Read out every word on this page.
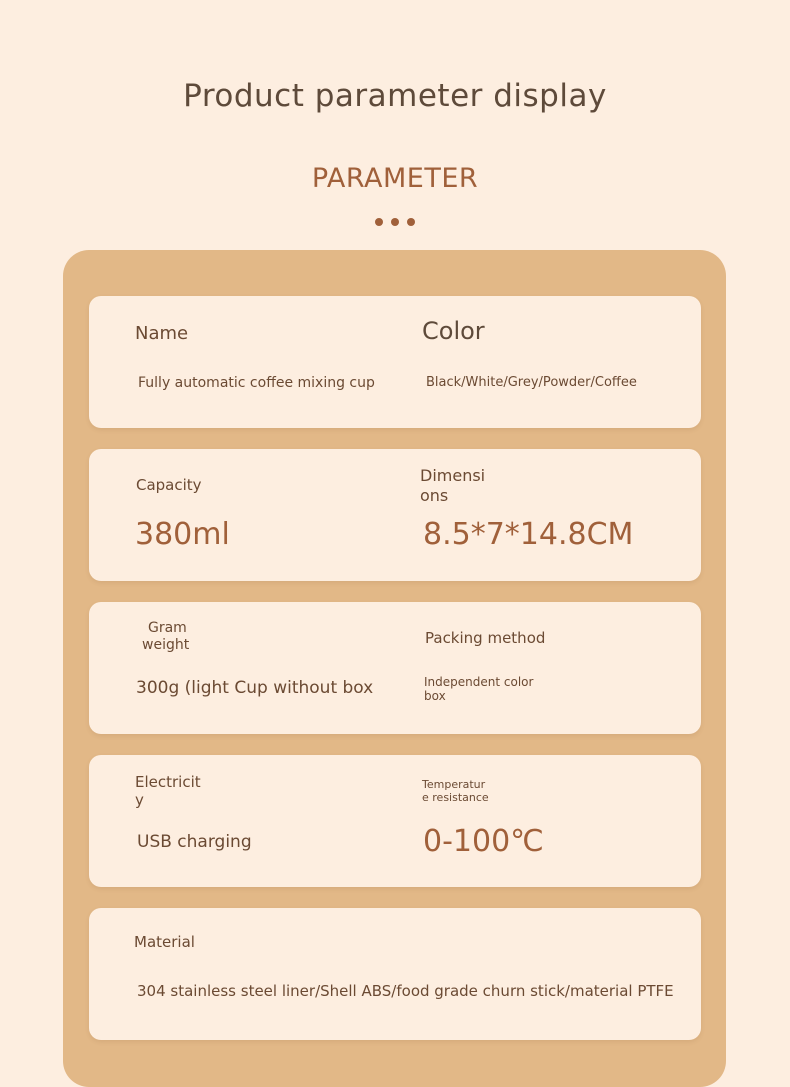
Product parameter display
PARAMETER
Name
Fully automatic coffee mixing cup
Color
Black/White/Grey/Powder/Coffee
Capacity
380ml
Dimensi
ons
8.5*7*14.8CM
Gram
weight
300g (light Cup without box
Packing method
Independent color
box
Electricit
y
USB charging
Temperatur
e resistance
0-100℃
Material
304 stainless steel liner/Shell ABS/food grade churn stick/material PTFE
